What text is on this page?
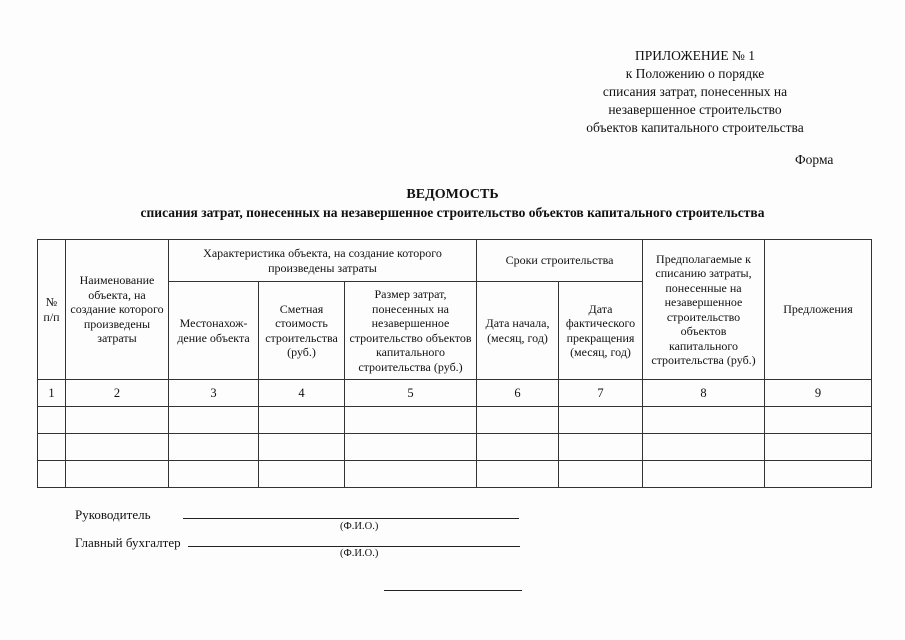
ПРИЛОЖЕНИЕ № 1
к Положению о порядке
списания затрат, понесенных на
незавершенное строительство
объектов капитального строительства
Форма
ВЕДОМОСТЬ
списания затрат, понесенных на незавершенное строительство объектов капитального строительства
№ п/п	Наименование объекта, на создание которого произведены затраты	Характеристика объекта, на создание которого произведены затраты			Сроки строительства		Предполагаемые к списанию затраты, понесенные на незавершенное строительство объектов капитального строительства (руб.)	Предложения
		Местонахож-дение объекта	Сметная стоимость строительства (руб.)	Размер затрат, понесенных на незавершенное строительство объектов капитального строительства (руб.)	Дата начала, (месяц, год)	Дата фактического прекращения (месяц, год)		
1	2	3	4	5	6	7	8	9

Руководитель
(Ф.И.О.)
Главный бухгалтер
(Ф.И.О.)
